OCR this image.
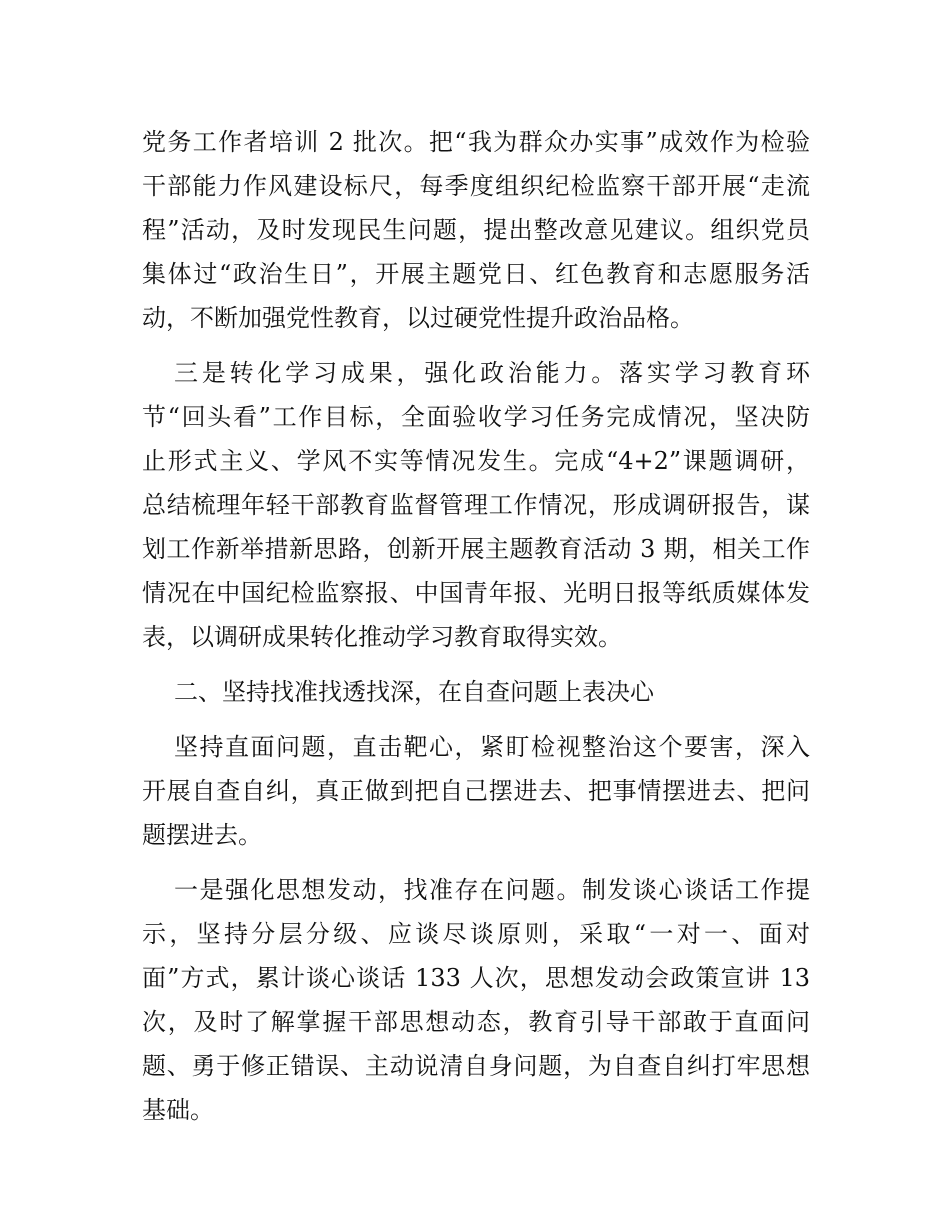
党务工作者培训 2 批次。把“我为群众办实事”成效作为检验
干部能力作风建设标尺，每季度组织纪检监察干部开展“走流
程”活动，及时发现民生问题，提出整改意见建议。组织党员
集体过“政治生日”，开展主题党日、红色教育和志愿服务活
动，不断加强党性教育，以过硬党性提升政治品格。
三是转化学习成果，强化政治能力。落实学习教育环
节“回头看”工作目标，全面验收学习任务完成情况，坚决防
止形式主义、学风不实等情况发生。完成“4+2”课题调研，
总结梳理年轻干部教育监督管理工作情况，形成调研报告，谋
划工作新举措新思路，创新开展主题教育活动 3 期，相关工作
情况在中国纪检监察报、中国青年报、光明日报等纸质媒体发
表，以调研成果转化推动学习教育取得实效。
二、坚持找准找透找深，在自查问题上表决心
坚持直面问题，直击靶心，紧盯检视整治这个要害，深入
开展自查自纠，真正做到把自己摆进去、把事情摆进去、把问
题摆进去。
一是强化思想发动，找准存在问题。制发谈心谈话工作提
示，坚持分层分级、应谈尽谈原则，采取“一对一、面对
面”方式，累计谈心谈话 133 人次，思想发动会政策宣讲 13
次，及时了解掌握干部思想动态，教育引导干部敢于直面问
题、勇于修正错误、主动说清自身问题，为自查自纠打牢思想
基础。
